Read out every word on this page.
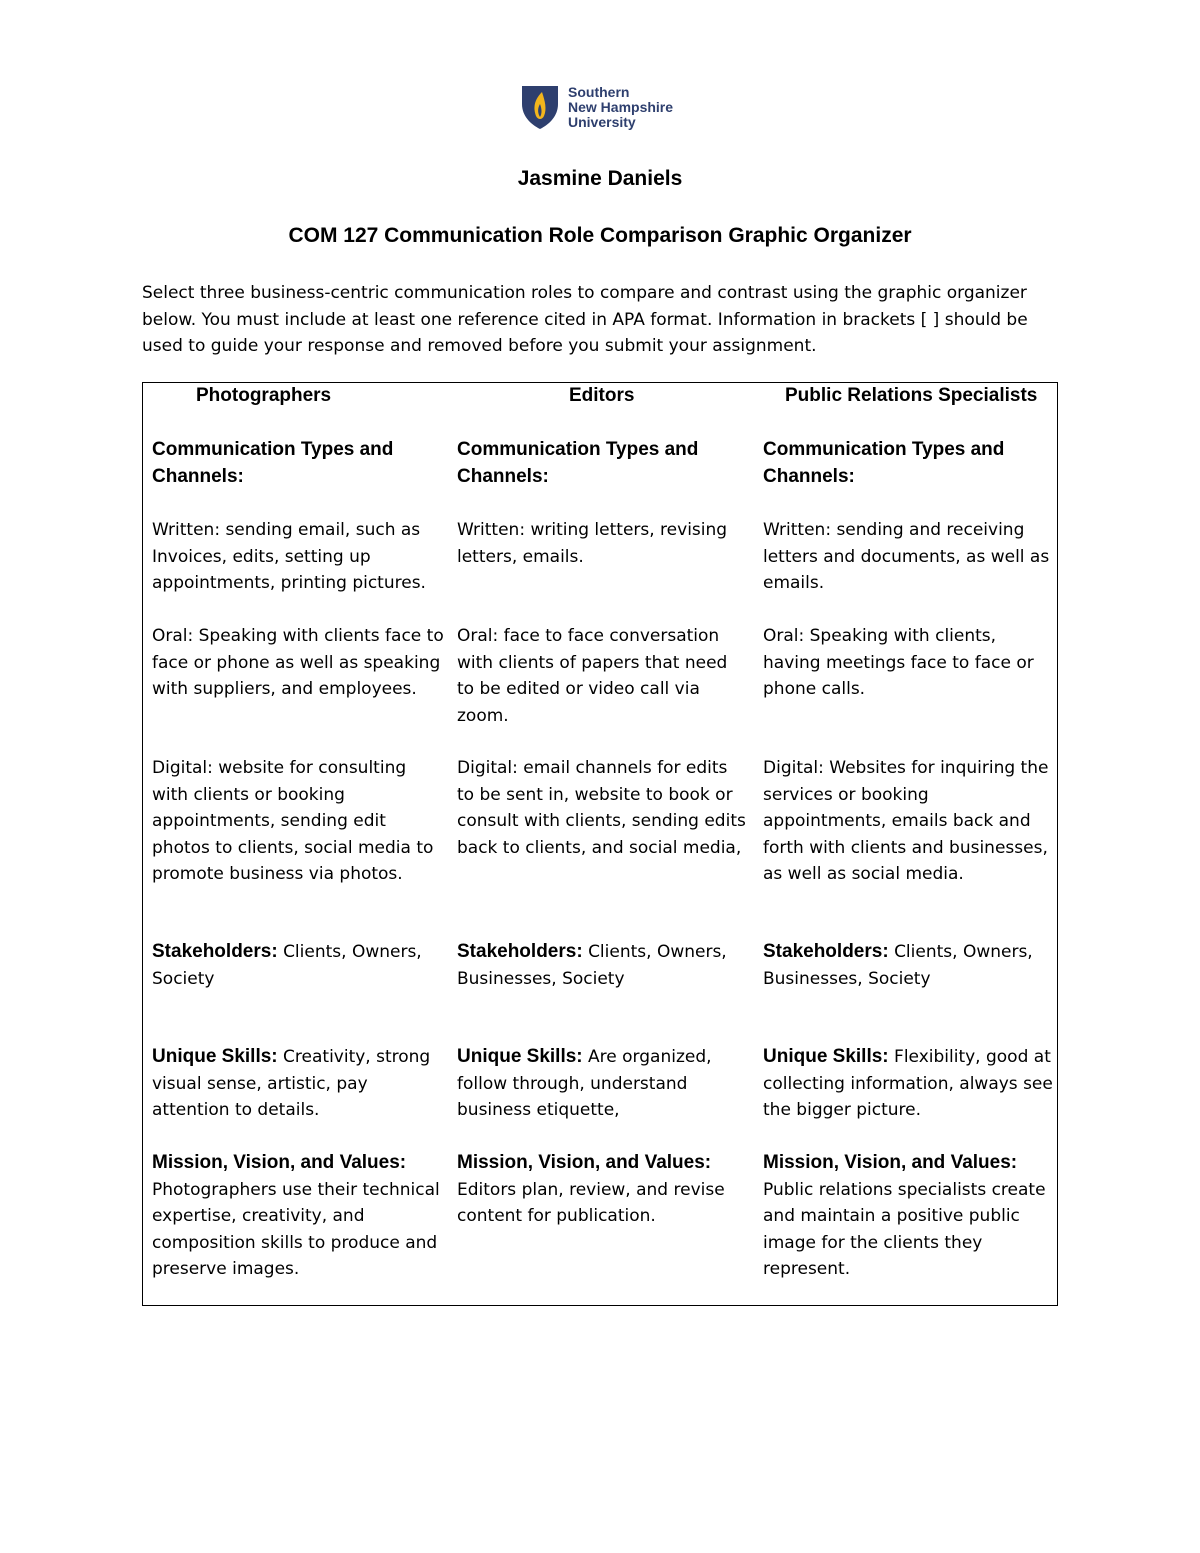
Southern
New Hampshire
University
Jasmine Daniels
COM 127 Communication Role Comparison Graphic Organizer
Select three business-centric communication roles to compare and contrast using the graphic organizer below. You must include at least one reference cited in APA format. Information in brackets [ ] should be used to guide your response and removed before you submit your assignment.
Photographers
Communication Types and Channels:
Written: sending email, such as Invoices, edits, setting up appointments, printing pictures.
Oral: Speaking with clients face to face or phone as well as speaking with suppliers, and employees.
Digital: website for consulting with clients or booking appointments, sending edit photos to clients, social media to promote business via photos.
Stakeholders: Clients, Owners, Society
Unique Skills: Creativity, strong visual sense, artistic, pay attention to details.
Mission, Vision, and Values:
Photographers use their technical expertise, creativity, and composition skills to produce and preserve images.
Editors
Communication Types and Channels:
Written: writing letters, revising letters, emails.
Oral: face to face conversation with clients of papers that need to be edited or video call via zoom.
Digital: email channels for edits to be sent in, website to book or consult with clients, sending edits back to clients, and social media,
Stakeholders: Clients, Owners, Businesses, Society
Unique Skills: Are organized, follow through, understand business etiquette,
Mission, Vision, and Values:
Editors plan, review, and revise content for publication.
Public Relations Specialists
Communication Types and Channels:
Written: sending and receiving letters and documents, as well as emails.
Oral: Speaking with clients, having meetings face to face or phone calls.
Digital: Websites for inquiring the services or booking appointments, emails back and forth with clients and businesses, as well as social media.
Stakeholders: Clients, Owners, Businesses, Society
Unique Skills: Flexibility, good at collecting information, always see the bigger picture.
Mission, Vision, and Values:
Public relations specialists create and maintain a positive public image for the clients they represent.
